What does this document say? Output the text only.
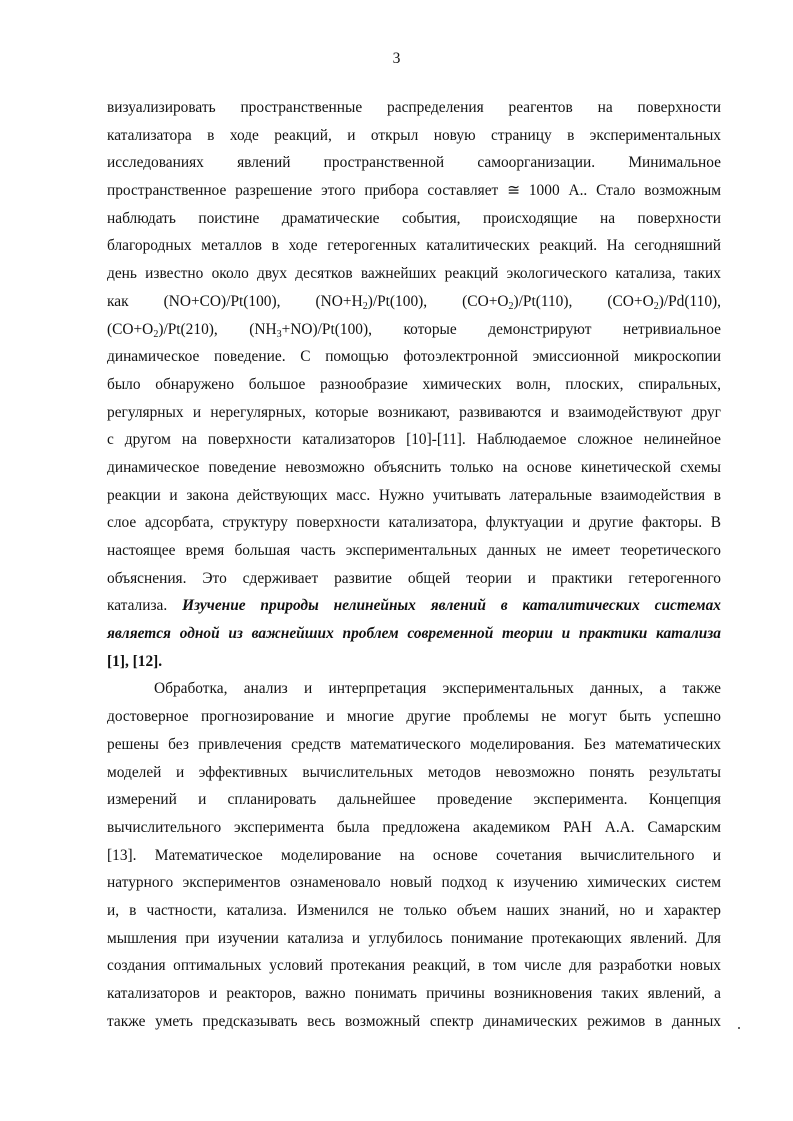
3
визуализировать пространственные распределения реагентов на поверхности
катализатора в ходе реакций, и открыл новую страницу в экспериментальных
исследованиях явлений пространственной самоорганизации. Минимальное
пространственное разрешение этого прибора составляет ≅ 1000 А.. Стало возможным
наблюдать поистине драматические события, происходящие на поверхности
благородных металлов в ходе гетерогенных каталитических реакций. На сегодняшний
день известно около двух десятков важнейших реакций экологического катализа, таких
как (NO+CO)/Pt(100), $(NO+H_2)/Pt(100)$, $(CO+O_2)/Pt(110)$, $(CO+O_2)/Pd(110)$,
$(CO+O_2)/Pt(210)$, $(NH_3+NO)/Pt(100)$, которые демонстрируют нетривиальное
динамическое поведение. С помощью фотоэлектронной эмиссионной микроскопии
было обнаружено большое разнообразие химических волн, плоских, спиральных,
регулярных и нерегулярных, которые возникают, развиваются и взаимодействуют друг
с другом на поверхности катализаторов [10]-[11]. Наблюдаемое сложное нелинейное
динамическое поведение невозможно объяснить только на основе кинетической схемы
реакции и закона действующих масс. Нужно учитывать латеральные взаимодействия в
слое адсорбата, структуру поверхности катализатора, флуктуации и другие факторы. В
настоящее время большая часть экспериментальных данных не имеет теоретического
объяснения. Это сдерживает развитие общей теории и практики гетерогенного
катализа. Изучение природы нелинейных явлений в каталитических системах
является одной из важнейших проблем современной теории и практики катализа
[1], [12].
Обработка, анализ и интерпретация экспериментальных данных, а также
достоверное прогнозирование и многие другие проблемы не могут быть успешно
решены без привлечения средств математического моделирования. Без математических
моделей и эффективных вычислительных методов невозможно понять результаты
измерений и спланировать дальнейшее проведение эксперимента. Концепция
вычислительного эксперимента была предложена академиком РАН А.А. Самарским
[13]. Математическое моделирование на основе сочетания вычислительного и
натурного экспериментов ознаменовало новый подход к изучению химических систем
и, в частности, катализа. Изменился не только объем наших знаний, но и характер
мышления при изучении катализа и углубилось понимание протекающих явлений. Для
создания оптимальных условий протекания реакций, в том числе для разработки новых
катализаторов и реакторов, важно понимать причины возникновения таких явлений, а
также уметь предсказывать весь возможный спектр динамических режимов в данных
